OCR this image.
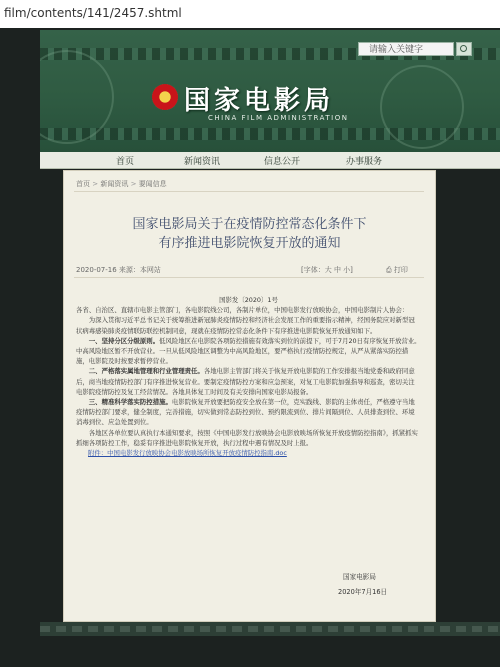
film/contents/141/2457.shtml
请输入关键字
国家电影局
CHINA FILM ADMINISTRATION
首页	新闻资讯	信息公开	办事服务
首页 > 新闻资讯 > 要闻信息
国家电影局关于在疫情防控常态化条件下
有序推进电影院恢复开放的通知
2020-07-16 来源：本网站	[字体：大 中 小]	⎙ 打印

国影发〔2020〕1号

各省、自治区、直辖市电影主管部门，各电影院线公司，各制片单位，中国电影发行放映协会，中国电影制片人协会：

为深入贯彻习近平总书记关于统筹推进新冠肺炎疫情防控和经济社会发展工作的重要指示精神，经国务院应对新型冠状病毒感染肺炎疫情联防联控机制同意，现就在疫情防控常态化条件下有序推进电影院恢复开放通知如下。

一、坚持分区分级原则。低风险地区在电影院各项防控措施有效落实到位的前提下，可于7月20日有序恢复开放营业。中高风险地区暂不开放营业。一旦从低风险地区调整为中高风险地区，要严格执行疫情防控规定，从严从紧落实防控措施，电影院及时按要求暂停营业。

二、严格落实属地管理和行业管理责任。各地电影主管部门将关于恢复开放电影院的工作安排报当地党委和政府同意后，商当地疫情防控部门有序推进恢复营业。要制定疫情防控方案和应急预案，对复工电影院加强指导和巡查，密切关注电影院疫情防控及复工经营情况。各地具体复工时间及有关安排向国家电影局报备。

三、精准科学落实防控措施。电影院恢复开放要把防疫安全放在第一位，克实践线、影院的主体责任，严格遵守当地疫情防控部门要求，健全制度，完善措施，切实做到常态防控到位、预约限流到位、排片间隔到位、人员排查到位、环境消毒到位、应急处置到位。

各地区各单位要认真执行本通知要求，按照《中国电影发行放映协会电影放映场所恢复开放疫情防控指南》，抓紧抓实抓细各项防控工作，稳妥有序推进电影院恢复开放，执行过程中遇有情况及时上报。

附件：中国电影发行放映协会电影放映场所恢复开放疫情防控指南.doc

国家电影局
2020年7月16日
